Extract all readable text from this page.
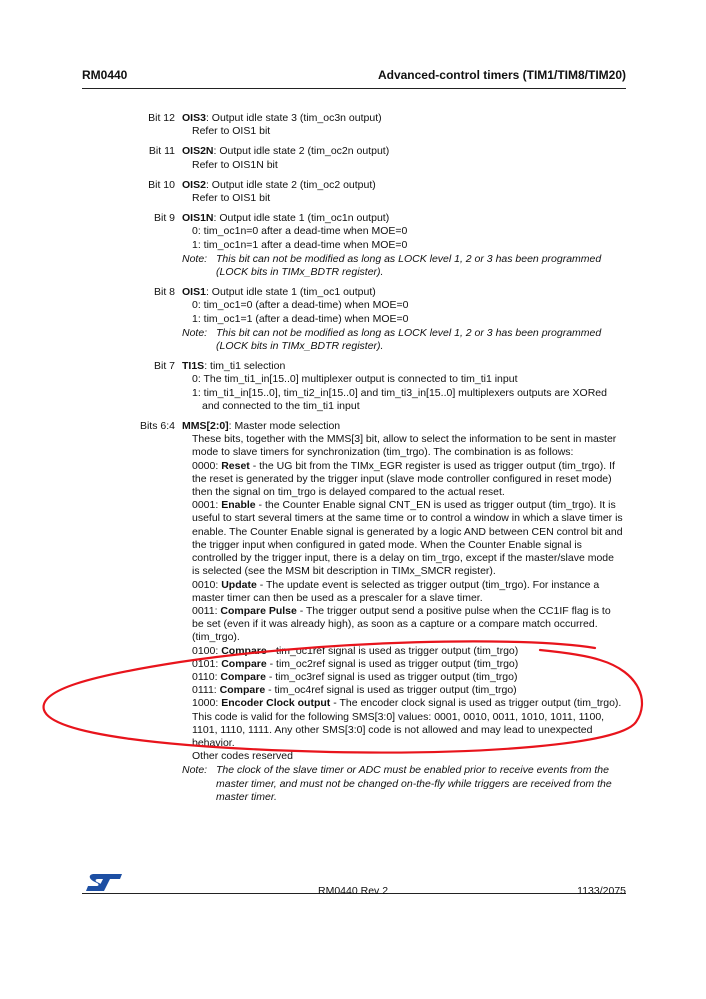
RM0440	Advanced-control timers (TIM1/TIM8/TIM20)
Bit 12 OIS3: Output idle state 3 (tim_oc3n output)
Refer to OIS1 bit
Bit 11 OIS2N: Output idle state 2 (tim_oc2n output)
Refer to OIS1N bit
Bit 10 OIS2: Output idle state 2 (tim_oc2 output)
Refer to OIS1 bit
Bit 9 OIS1N: Output idle state 1 (tim_oc1n output)
0: tim_oc1n=0 after a dead-time when MOE=0
1: tim_oc1n=1 after a dead-time when MOE=0
Note: This bit can not be modified as long as LOCK level 1, 2 or 3 has been programmed (LOCK bits in TIMx_BDTR register).
Bit 8 OIS1: Output idle state 1 (tim_oc1 output)
0: tim_oc1=0 (after a dead-time) when MOE=0
1: tim_oc1=1 (after a dead-time) when MOE=0
Note: This bit can not be modified as long as LOCK level 1, 2 or 3 has been programmed (LOCK bits in TIMx_BDTR register).
Bit 7 TI1S: tim_ti1 selection
0: The tim_ti1_in[15..0] multiplexer output is connected to tim_ti1 input
1: tim_ti1_in[15..0], tim_ti2_in[15..0] and tim_ti3_in[15..0] multiplexers outputs are XORed and connected to the tim_ti1 input
Bits 6:4 MMS[2:0]: Master mode selection
These bits, together with the MMS[3] bit, allow to select the information to be sent in master mode to slave timers for synchronization (tim_trgo). The combination is as follows:
0000: Reset - the UG bit from the TIMx_EGR register is used as trigger output (tim_trgo). If the reset is generated by the trigger input (slave mode controller configured in reset mode) then the signal on tim_trgo is delayed compared to the actual reset.
0001: Enable - the Counter Enable signal CNT_EN is used as trigger output (tim_trgo). It is useful to start several timers at the same time or to control a window in which a slave timer is enable. The Counter Enable signal is generated by a logic AND between CEN control bit and the trigger input when configured in gated mode. When the Counter Enable signal is controlled by the trigger input, there is a delay on tim_trgo, except if the master/slave mode is selected (see the MSM bit description in TIMx_SMCR register).
0010: Update - The update event is selected as trigger output (tim_trgo). For instance a master timer can then be used as a prescaler for a slave timer.
0011: Compare Pulse - The trigger output send a positive pulse when the CC1IF flag is to be set (even if it was already high), as soon as a capture or a compare match occurred. (tim_trgo).
0100: Compare - tim_oc1ref signal is used as trigger output (tim_trgo)
0101: Compare - tim_oc2ref signal is used as trigger output (tim_trgo)
0110: Compare - tim_oc3ref signal is used as trigger output (tim_trgo)
0111: Compare - tim_oc4ref signal is used as trigger output (tim_trgo)
1000: Encoder Clock output - The encoder clock signal is used as trigger output (tim_trgo). This code is valid for the following SMS[3:0] values: 0001, 0010, 0011, 1010, 1011, 1100, 1101, 1110, 1111. Any other SMS[3:0] code is not allowed and may lead to unexpected behavior.
Other codes reserved
Note: The clock of the slave timer or ADC must be enabled prior to receive events from the master timer, and must not be changed on-the-fly while triggers are received from the master timer.
RM0440 Rev 2	1133/2075
